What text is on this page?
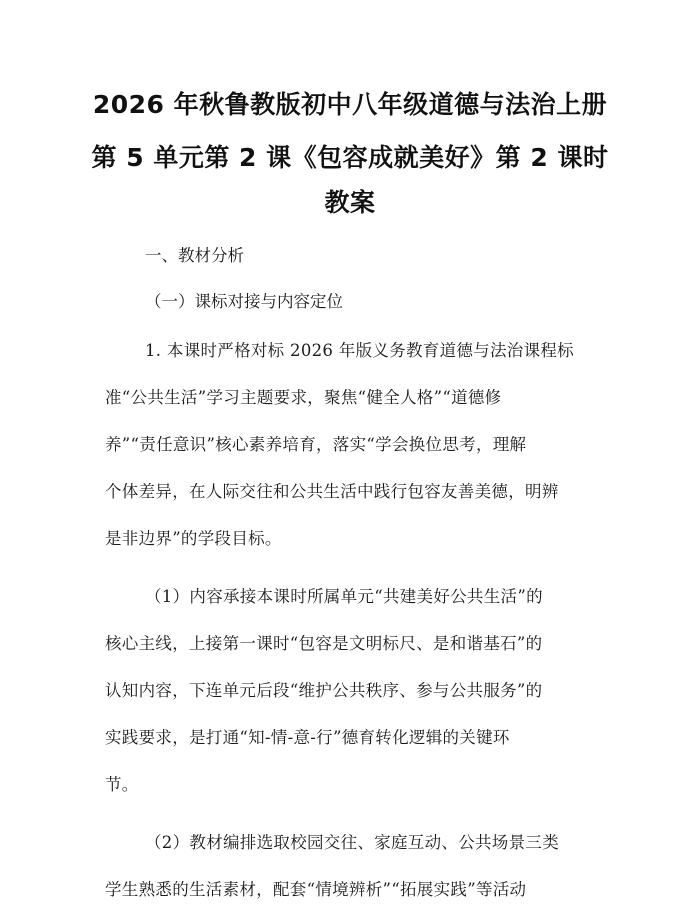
2026 年秋鲁教版初中八年级道德与法治上册
第 5 单元第 2 课《包容成就美好》第 2 课时
教案
一、教材分析
（一）课标对接与内容定位
1. 本课时严格对标 2026 年版义务教育道德与法治课程标
准“公共生活”学习主题要求，聚焦“健全人格”“道德修
养”“责任意识”核心素养培育，落实“学会换位思考，理解
个体差异，在人际交往和公共生活中践行包容友善美德，明辨
是非边界”的学段目标。
（1）内容承接本课时所属单元“共建美好公共生活”的
核心主线，上接第一课时“包容是文明标尺、是和谐基石”的
认知内容，下连单元后段“维护公共秩序、参与公共服务”的
实践要求，是打通“知-情-意-行”德育转化逻辑的关键环
节。
（2）教材编排选取校园交往、家庭互动、公共场景三类
学生熟悉的生活素材，配套“情境辨析”“拓展实践”等活动
